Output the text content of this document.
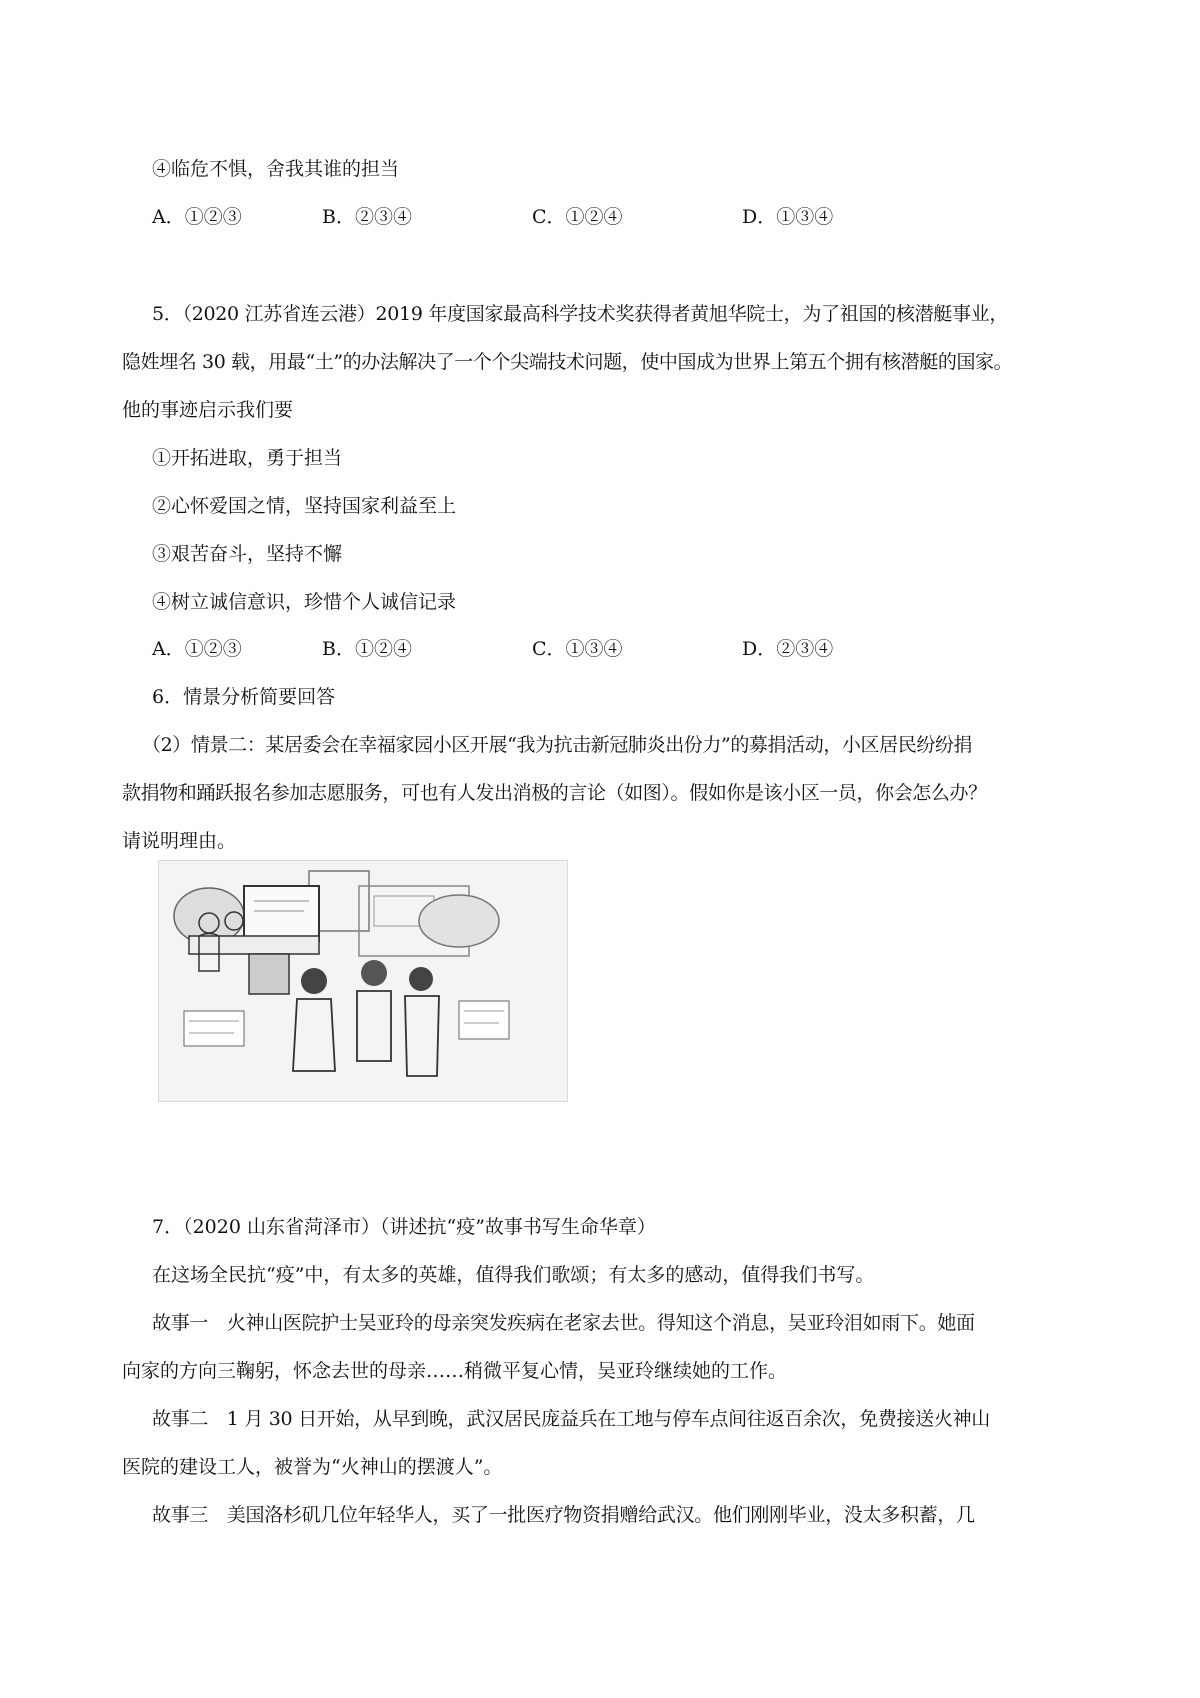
④临危不惧，舍我其谁的担当
A．①②③	B．②③④	C．①②④	D．①③④
5．（2020 江苏省连云港）2019 年度国家最高科学技术奖获得者黄旭华院士，为了祖国的核潜艇事业，
隐姓埋名 30 载，用最“土”的办法解决了一个个尖端技术问题，使中国成为世界上第五个拥有核潜艇的国家。
他的事迹启示我们要
①开拓进取，勇于担当
②心怀爱国之情，坚持国家利益至上
③艰苦奋斗，坚持不懈
④树立诚信意识，珍惜个人诚信记录
A．①②③	B．①②④	C．①③④	D．②③④
6．情景分析简要回答
（2）情景二：某居委会在幸福家园小区开展“我为抗击新冠肺炎出份力”的募捐活动，小区居民纷纷捐
款捐物和踊跃报名参加志愿服务，可也有人发出消极的言论（如图）。假如你是该小区一员，你会怎么办？
请说明理由。
7．（2020 山东省菏泽市）（讲述抗“疫”故事书写生命华章）
在这场全民抗“疫”中，有太多的英雄，值得我们歌颂；有太多的感动，值得我们书写。
故事一　火神山医院护士吴亚玲的母亲突发疾病在老家去世。得知这个消息，吴亚玲泪如雨下。她面
向家的方向三鞠躬，怀念去世的母亲……稍微平复心情，吴亚玲继续她的工作。
故事二　1 月 30 日开始，从早到晚，武汉居民庞益兵在工地与停车点间往返百余次，免费接送火神山
医院的建设工人，被誉为“火神山的摆渡人”。
故事三　美国洛杉矶几位年轻华人，买了一批医疗物资捐赠给武汉。他们刚刚毕业，没太多积蓄，几
